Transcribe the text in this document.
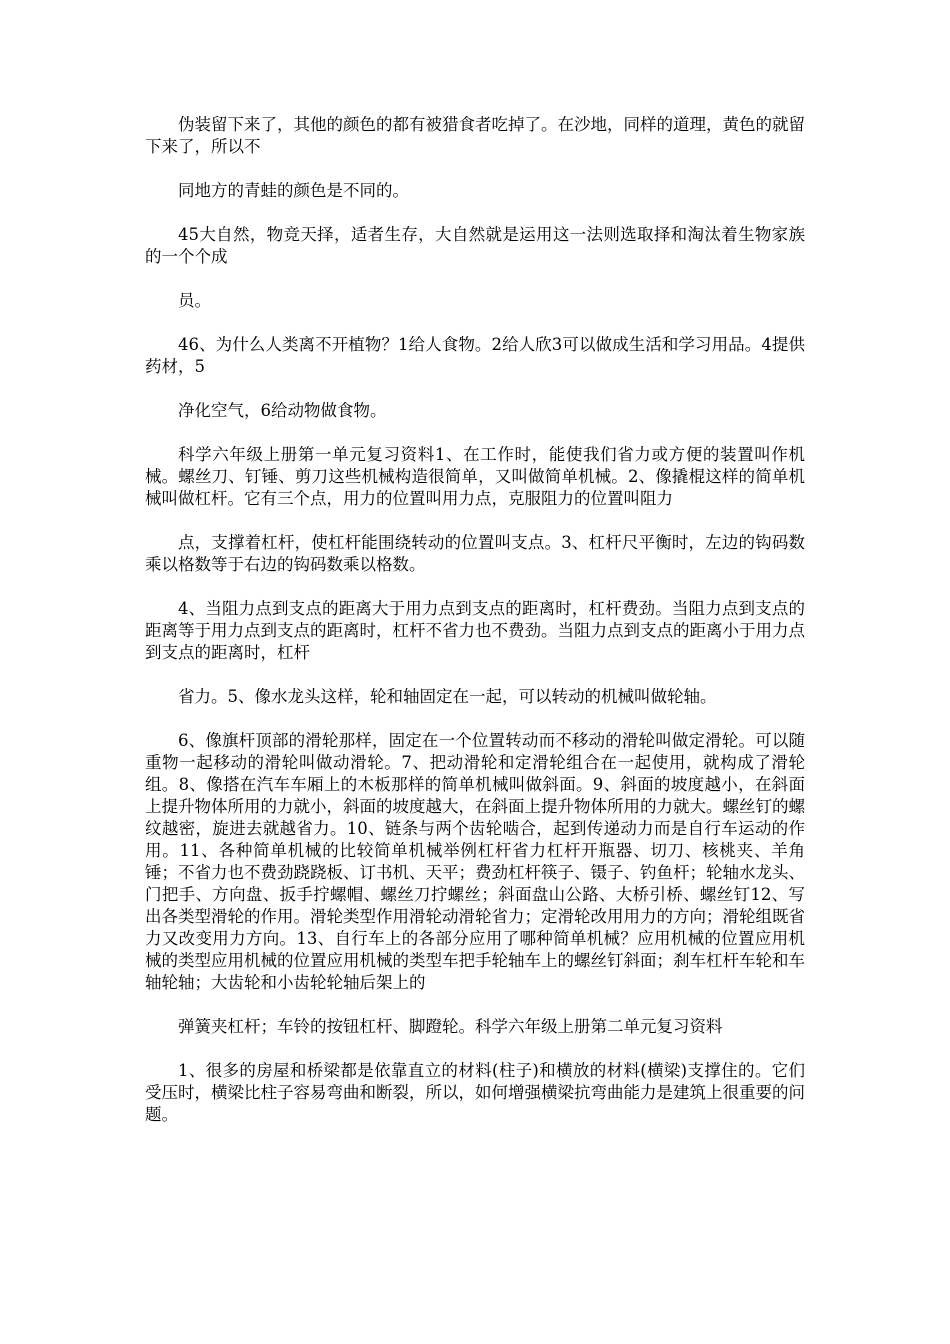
伪装留下来了，其他的颜色的都有被猎食者吃掉了。在沙地，同样的道理，黄色的就留下来了，所以不

同地方的青蛙的颜色是不同的。

45大自然，物竞天择，适者生存，大自然就是运用这一法则选取择和淘汰着生物家族的一个个成

员。

46、为什么人类离不开植物？1给人食物。2给人欣3可以做成生活和学习用品。4提供药材，5

净化空气，6给动物做食物。

科学六年级上册第一单元复习资料1、在工作时，能使我们省力或方便的装置叫作机械。螺丝刀、钉锤、剪刀这些机械构造很简单，又叫做简单机械。2、像撬棍这样的简单机械叫做杠杆。它有三个点，用力的位置叫用力点，克服阻力的位置叫阻力

点，支撑着杠杆，使杠杆能围绕转动的位置叫支点。3、杠杆尺平衡时，左边的钩码数乘以格数等于右边的钩码数乘以格数。

4、当阻力点到支点的距离大于用力点到支点的距离时，杠杆费劲。当阻力点到支点的距离等于用力点到支点的距离时，杠杆不省力也不费劲。当阻力点到支点的距离小于用力点到支点的距离时，杠杆

省力。5、像水龙头这样，轮和轴固定在一起，可以转动的机械叫做轮轴。

6、像旗杆顶部的滑轮那样，固定在一个位置转动而不移动的滑轮叫做定滑轮。可以随重物一起移动的滑轮叫做动滑轮。7、把动滑轮和定滑轮组合在一起使用，就构成了滑轮组。8、像搭在汽车车厢上的木板那样的简单机械叫做斜面。9、斜面的坡度越小，在斜面上提升物体所用的力就小，斜面的坡度越大，在斜面上提升物体所用的力就大。螺丝钉的螺纹越密，旋进去就越省力。10、链条与两个齿轮啮合，起到传递动力而是自行车运动的作用。11、各种简单机械的比较简单机械举例杠杆省力杠杆开瓶器、切刀、核桃夹、羊角锤；不省力也不费劲跷跷板、订书机、天平；费劲杠杆筷子、镊子、钓鱼杆；轮轴水龙头、门把手、方向盘、扳手拧螺帽、螺丝刀拧螺丝；斜面盘山公路、大桥引桥、螺丝钉12、写出各类型滑轮的作用。滑轮类型作用滑轮动滑轮省力；定滑轮改用用力的方向；滑轮组既省力又改变用力方向。13、自行车上的各部分应用了哪种简单机械？应用机械的位置应用机械的类型应用机械的位置应用机械的类型车把手轮轴车上的螺丝钉斜面；刹车杠杆车轮和车轴轮轴；大齿轮和小齿轮轮轴后架上的

弹簧夹杠杆；车铃的按钮杠杆、脚蹬轮。科学六年级上册第二单元复习资料

1、很多的房屋和桥梁都是依靠直立的材料(柱子)和横放的材料(横梁)支撑住的。它们受压时，横梁比柱子容易弯曲和断裂，所以，如何增强横梁抗弯曲能力是建筑上很重要的问题。
